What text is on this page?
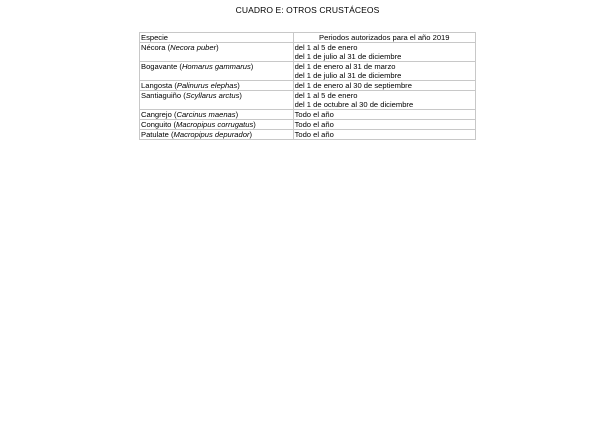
CUADRO E: OTROS CRUSTÁCEOS
Especie	Periodos autorizados para el año 2019
Nécora (Necora puber)	del 1 al 5 de enero
del 1 de julio al 31 de diciembre

Bogavante (Homarus gammarus)	del 1 de enero al 31 de marzo
del 1 de julio al 31 de diciembre

Langosta (Palinurus elephas)	del 1 de enero al 30 de septiembre

Santiaguiño (Scyllarus arctus)	del 1 al 5 de enero
del 1 de octubre al 30 de diciembre

Cangrejo (Carcinus maenas)	Todo el año

Conguito (Macropipus corrugatus)	Todo el año

Patulate (Macropipus depurador)	Todo el año
